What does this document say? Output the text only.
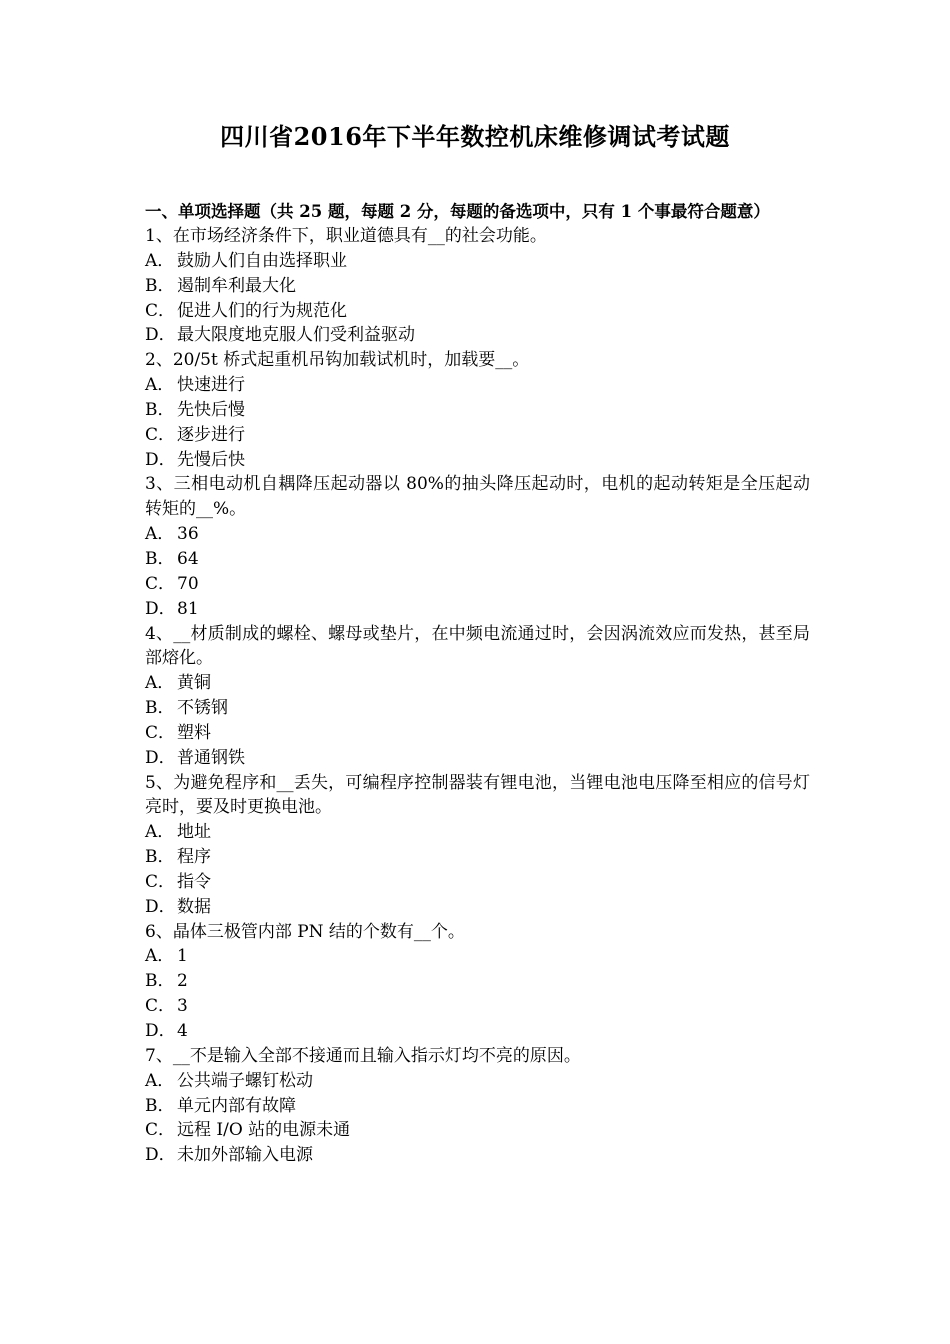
四川省2016年下半年数控机床维修调试考试题
一、单项选择题（共 25 题，每题 2 分，每题的备选项中，只有 1 个事最符合题意）
1、在市场经济条件下，职业道德具有__的社会功能。
A． 鼓励人们自由选择职业
B． 遏制牟利最大化
C． 促进人们的行为规范化
D．最大限度地克服人们受利益驱动
2、20/5t 桥式起重机吊钩加载试机时，加载要__。
A． 快速进行
B． 先快后慢
C． 逐步进行
D．先慢后快
3、三相电动机自耦降压起动器以 80%的抽头降压起动时，电机的起动转矩是全压起动转矩的__%。
A． 36
B． 64
C． 70
D．81
4、__材质制成的螺栓、螺母或垫片，在中频电流通过时，会因涡流效应而发热，甚至局部熔化。
A． 黄铜
B． 不锈钢
C． 塑料
D．普通钢铁
5、为避免程序和__丢失，可编程序控制器装有锂电池，当锂电池电压降至相应的信号灯亮时，要及时更换电池。
A． 地址
B． 程序
C． 指令
D．数据
6、晶体三极管内部 PN 结的个数有__个。
A． 1
B． 2
C． 3
D．4
7、__不是输入全部不接通而且输入指示灯均不亮的原因。
A． 公共端子螺钉松动
B． 单元内部有故障
C． 远程 I/O 站的电源未通
D．未加外部输入电源
